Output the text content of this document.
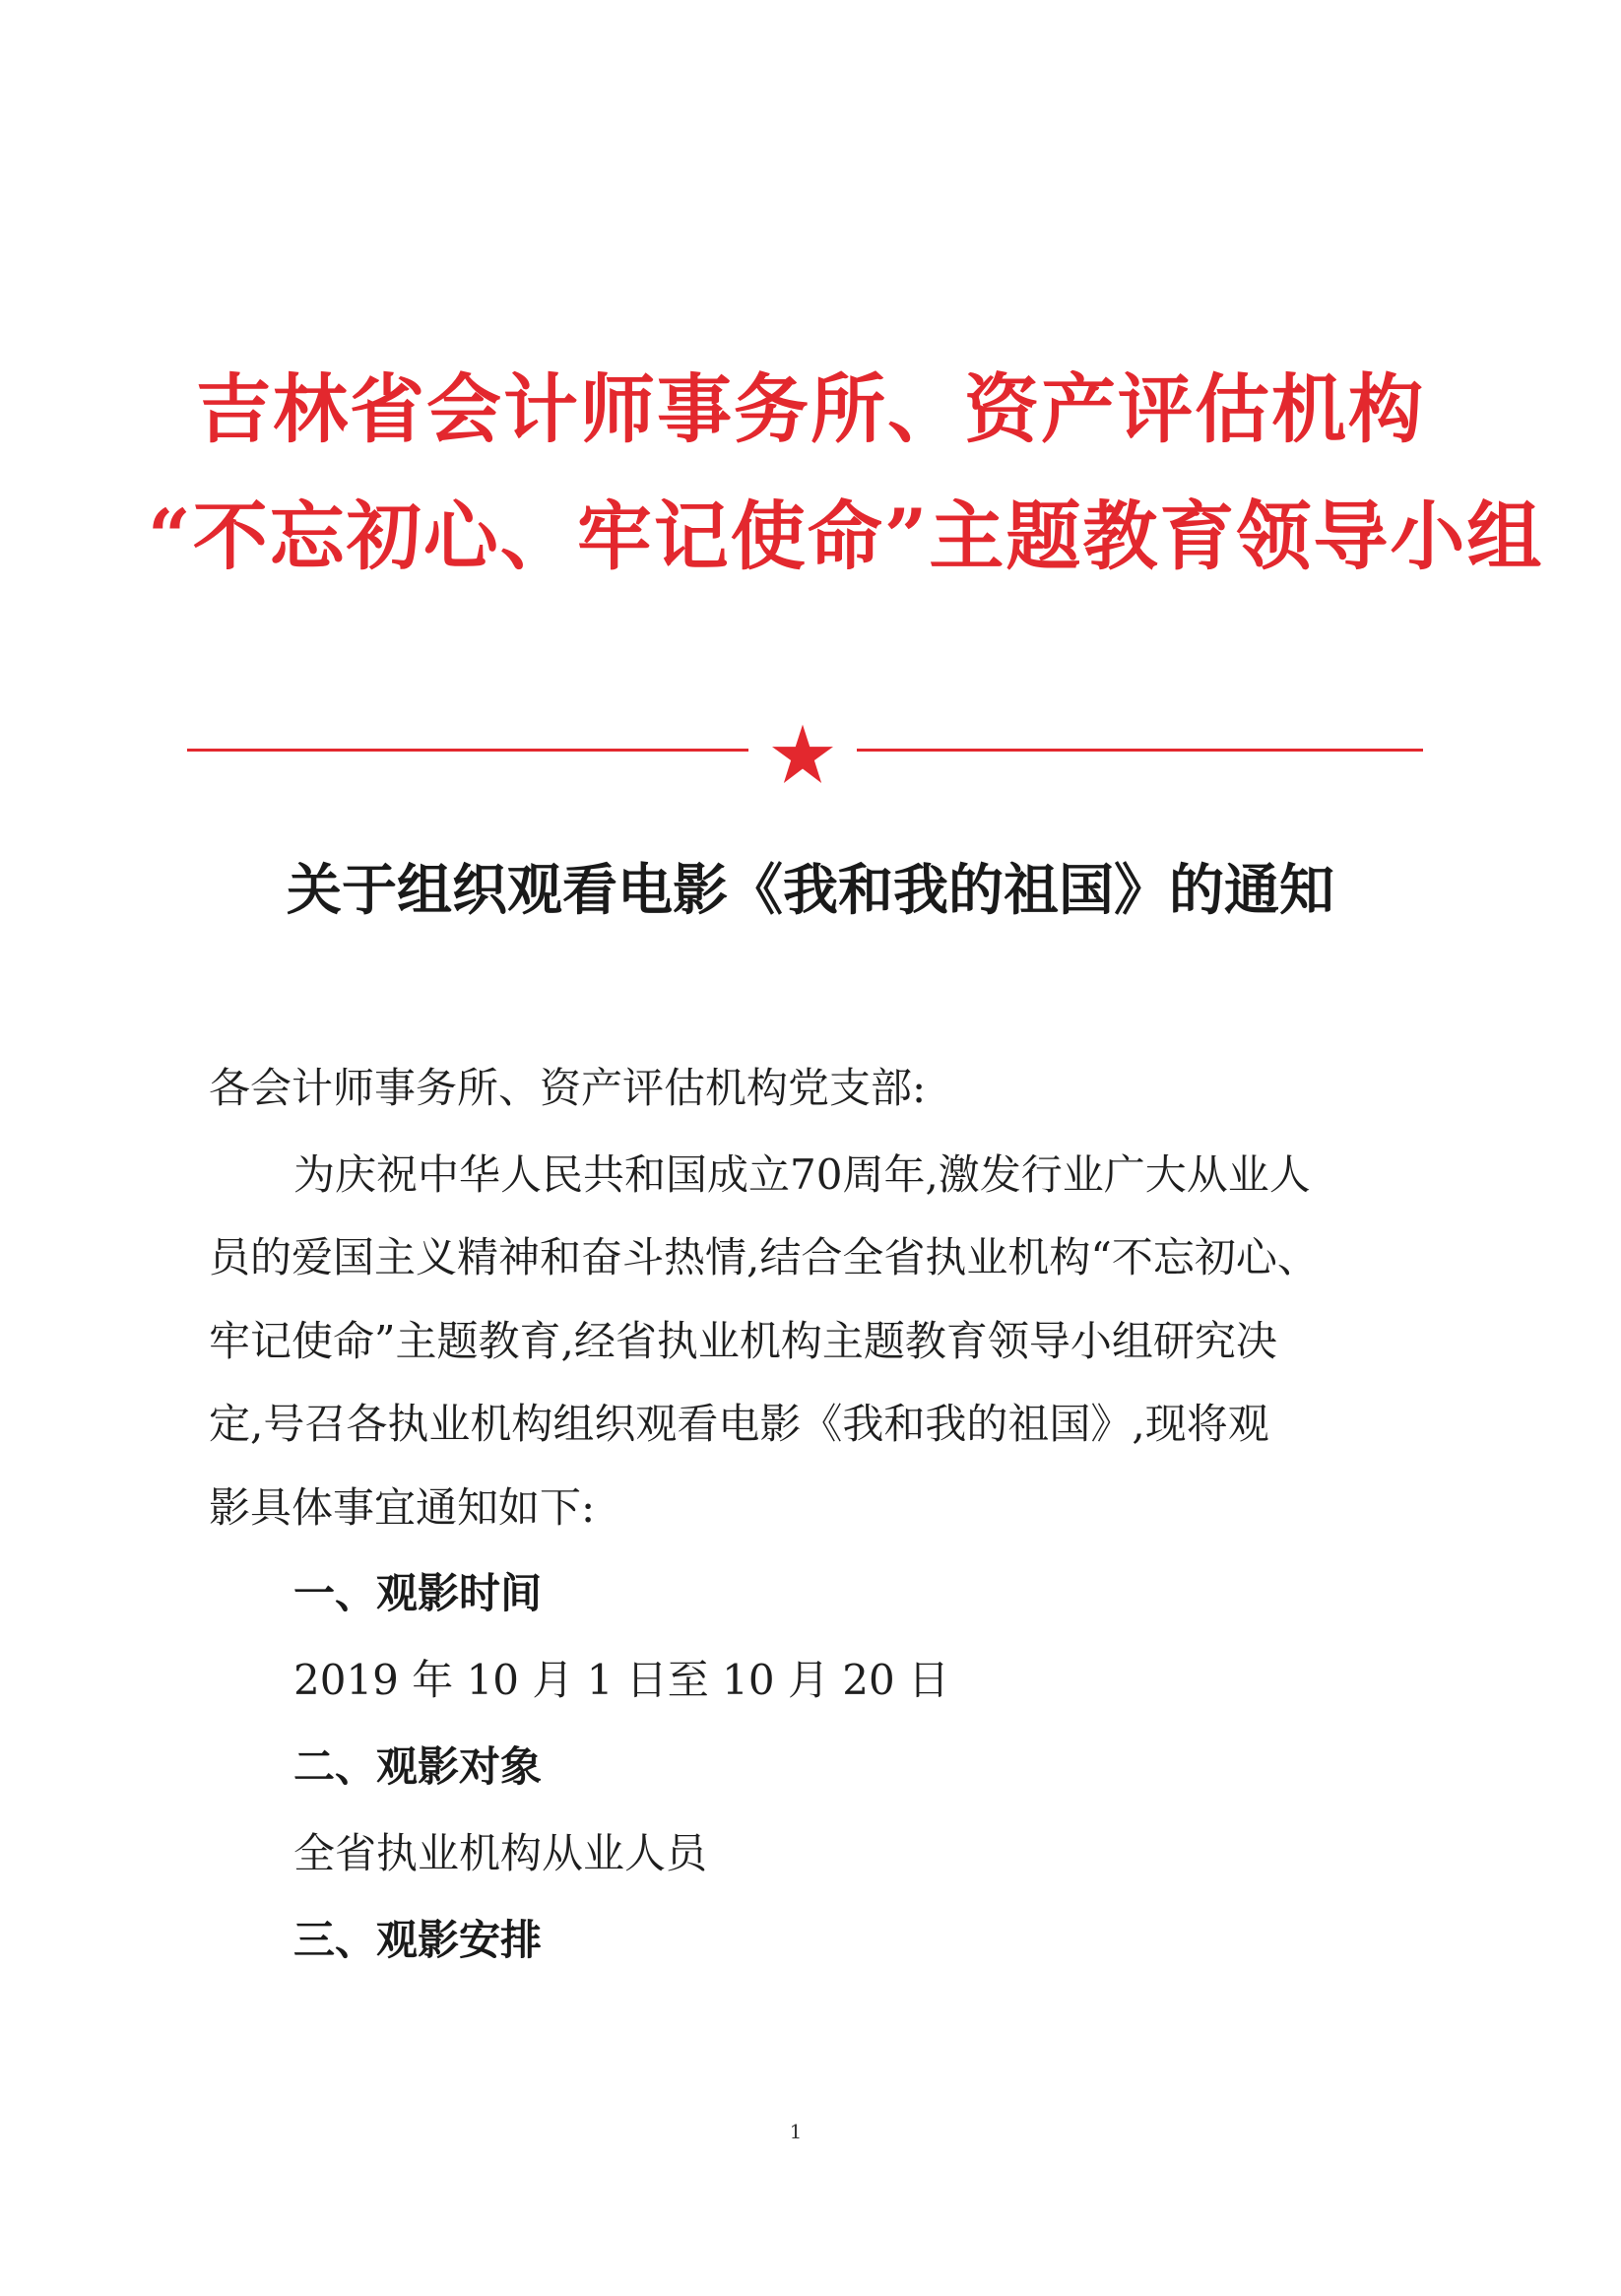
吉林省会计师事务所、资产评估机构
“不忘初心、牢记使命”主题教育领导小组
关于组织观看电影《我和我的祖国》的通知
各会计师事务所、资产评估机构党支部:
为庆祝中华人民共和国成立70周年,激发行业广大从业人
员的爱国主义精神和奋斗热情,结合全省执业机构“不忘初心、
牢记使命”主题教育,经省执业机构主题教育领导小组研究决
定,号召各执业机构组织观看电影《我和我的祖国》,现将观
影具体事宜通知如下:
一、观影时间
2019 年 10 月 1 日至 10 月 20 日
二、观影对象
全省执业机构从业人员
三、观影安排
1
